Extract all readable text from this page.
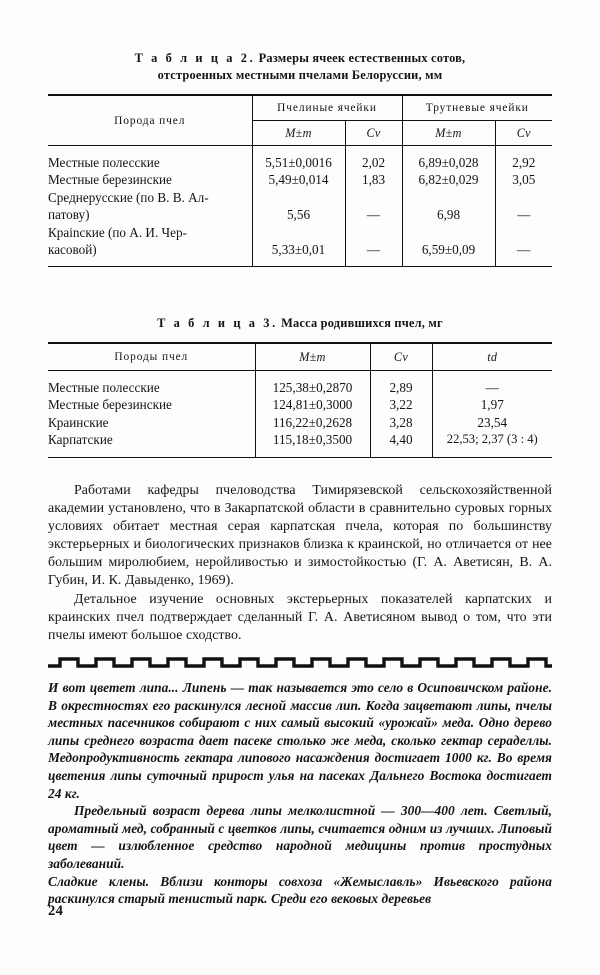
Т а б л и ц а 2. Размеры ячеек естественных сотов,
отстроенных местными пчелами Белоруссии, мм
Порода пчел	Пчелиные ячейки		Трутневые ячейки	
	M±m	Cv	M±m	Cv
Местные полесские	5,51±0,0016	2,02	6,89±0,028	2,92
Местные березинские	5,49±0,014	1,83	6,82±0,029	3,05

Среднерусские (по В. В. Ал-
патову)	5,56	—	6,98	—

Крainские (по А. И. Чер-
касовой)	5,33±0,01	—	6,59±0,09	—

Т а б л и ц а 3. Масса родившихся пчел, мг
Породы пчел	M±m	Cv	td
Местные полесские	125,38±0,2870	2,89	—
Местные березинские	124,81±0,3000	3,22	1,97
Краинские	116,22±0,2628	3,28	23,54
Карпатские	115,18±0,3500	4,40	22,53; 2,37 (3 : 4)

Работами кафедры пчеловодства Тимирязевской сельскохозяйственной академии установлено, что в Закарпатской области в сравнительно суровых горных условиях обитает местная серая карпатская пчела, которая по большинству экстерьерных и биологических признаков близка к краинской, но отличается от нее большим миролюбием, неройливостью и зимостойкостью (Г. А. Аветисян, В. А. Губин, И. К. Давыденко, 1969).

Детальное изучение основных экстерьерных показателей карпатских и краинских пчел подтверждает сделанный Г. А. Аветисяном вывод о том, что эти пчелы имеют большое сходство.

И вот цветет липа... Липень — так называется это село в Осиповичском районе. В окрестностях его раскинулся лесной массив лип. Когда зацветают липы, пчелы местных пасечников собирают с них самый высокий «урожай» меда. Одно дерево липы среднего возраста дает пасеке столько же меда, сколько гектар сераделлы. Медопродуктивность гектара липового насаждения достигает 1000 кг. Во время цветения липы суточный прирост улья на пасеках Дальнего Востока достигает 24 кг.

Предельный возраст дерева липы мелколистной — 300—400 лет. Светлый, ароматный мед, собранный с цветков липы, считается одним из лучших. Липовый цвет — излюбленное средство народной медицины против простудных заболеваний.

Сладкие клены. Вблизи конторы совхоза «Жемыславль» Ивьевского района раскинулся старый тенистый парк. Среди его вековых деревьев

24
